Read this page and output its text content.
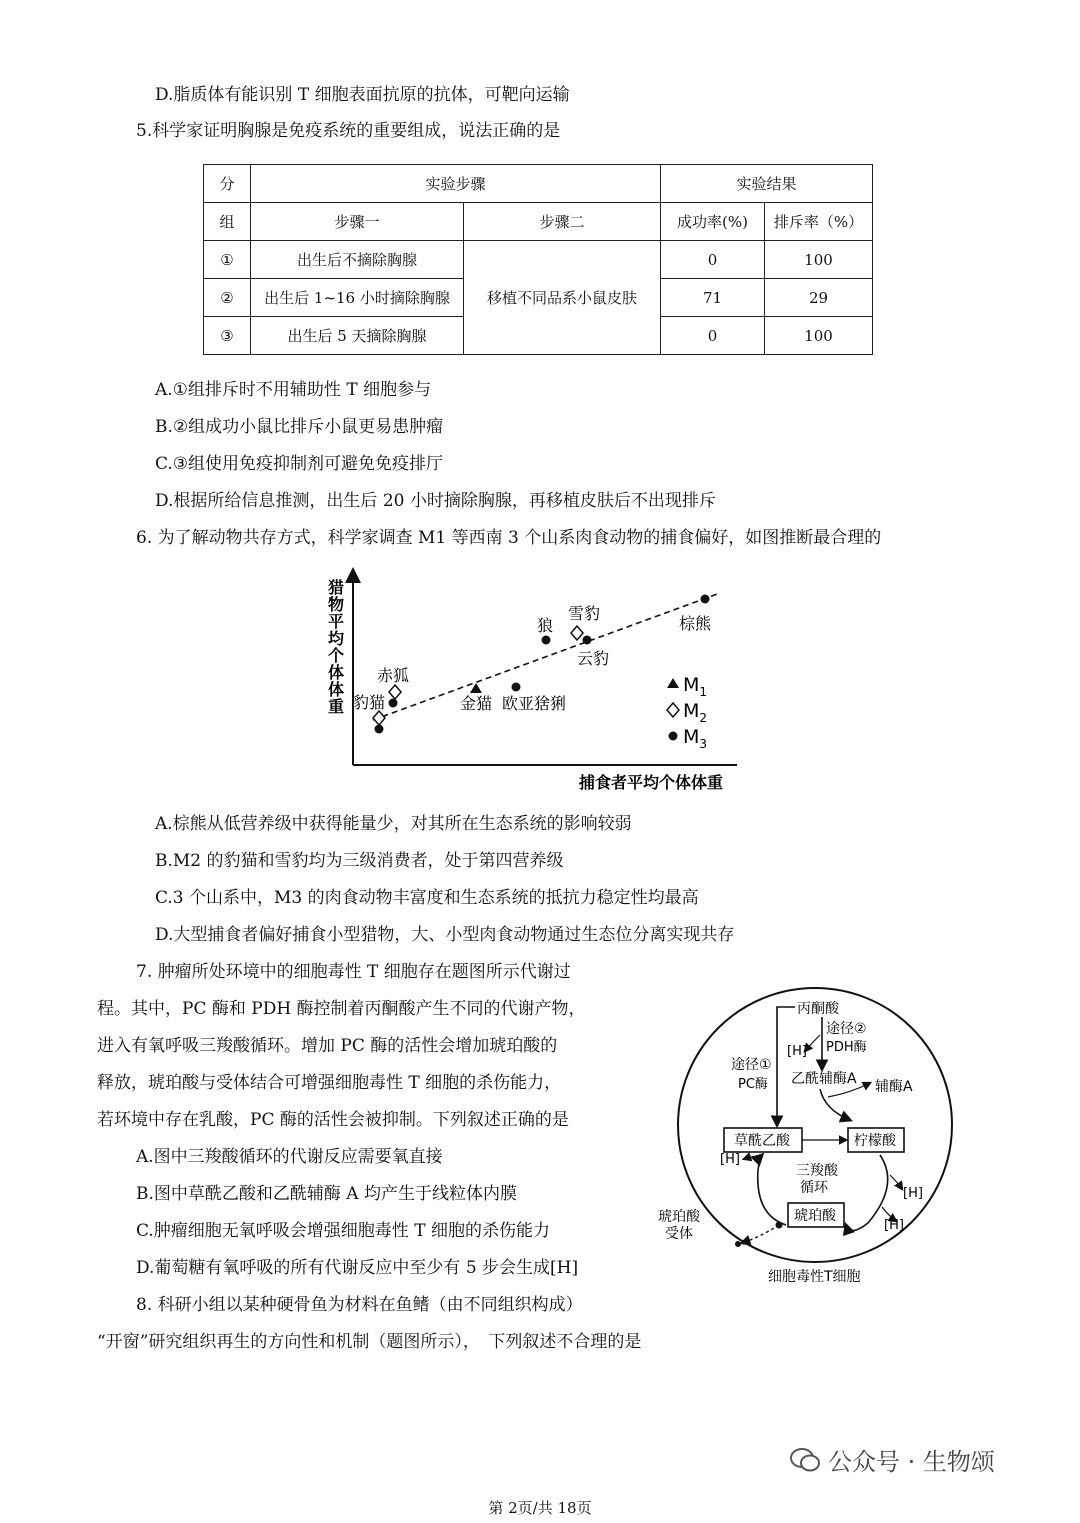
D.脂质体有能识别 T 细胞表面抗原的抗体，可靶向运输
5.科学家证明胸腺是免疫系统的重要组成，说法正确的是
分	实验步骤		实验结果	
组	步骤一	步骤二	成功率(%)	排斥率（%）
①	出生后不摘除胸腺	移植不同品系小鼠皮肤	0	100
②	出生后 1~16 小时摘除胸腺		71	29
③	出生后 5 天摘除胸腺		0	100
A.①组排斥时不用辅助性 T 细胞参与
B.②组成功小鼠比排斥小鼠更易患肿瘤
C.③组使用免疫抑制剂可避免免疫排厅
D.根据所给信息推测，出生后 20 小时摘除胸腺，再移植皮肤后不出现排斥
6. 为了解动物共存方式，科学家调查 M1 等西南 3 个山系肉食动物的捕食偏好，如图推断最合理的
猎物平均个体体重
捕食者平均个体体重
赤狐
豹猫	金猫 欧亚猞猁
狼
雪豹
云豹
棕熊
$M_1$
$M_2$
$M_3$
A.棕熊从低营养级中获得能量少，对其所在生态系统的影响较弱
B.M2 的豹猫和雪豹均为三级消费者，处于第四营养级
C.3 个山系中，M3 的肉食动物丰富度和生态系统的抵抗力稳定性均最高
D.大型捕食者偏好捕食小型猎物，大、小型肉食动物通过生态位分离实现共存
7. 肿瘤所处环境中的细胞毒性 T 细胞存在题图所示代谢过
程。其中，PC 酶和 PDH 酶控制着丙酮酸产生不同的代谢产物，
进入有氧呼吸三羧酸循环。增加 PC 酶的活性会增加琥珀酸的
释放，琥珀酸与受体结合可增强细胞毒性 T 细胞的杀伤能力，
若环境中存在乳酸，PC 酶的活性会被抑制。下列叙述正确的是
A.图中三羧酸循环的代谢反应需要氧直接
B.图中草酰乙酸和乙酰辅酶 A 均产生于线粒体内膜
C.肿瘤细胞无氧呼吸会增强细胞毒性 T 细胞的杀伤能力
D.葡萄糖有氧呼吸的所有代谢反应中至少有 5 步会生成[H]
丙酮酸
途径②
PDH酶
[H]
途径①
PC酶 乙酰辅酶A 辅酶A
草酰乙酸	柠檬酸
琥珀酸
三羧酸
循环
[H]
[H]
[H]
琥珀酸
受体
细胞毒性T细胞
8. 科研小组以某种硬骨鱼为材料在鱼鳍（由不同组织构成）
“开窗”研究组织再生的方向性和机制（题图所示），　下列叙述不合理的是
公众号 · 生物颂
第 2页/共 18页
